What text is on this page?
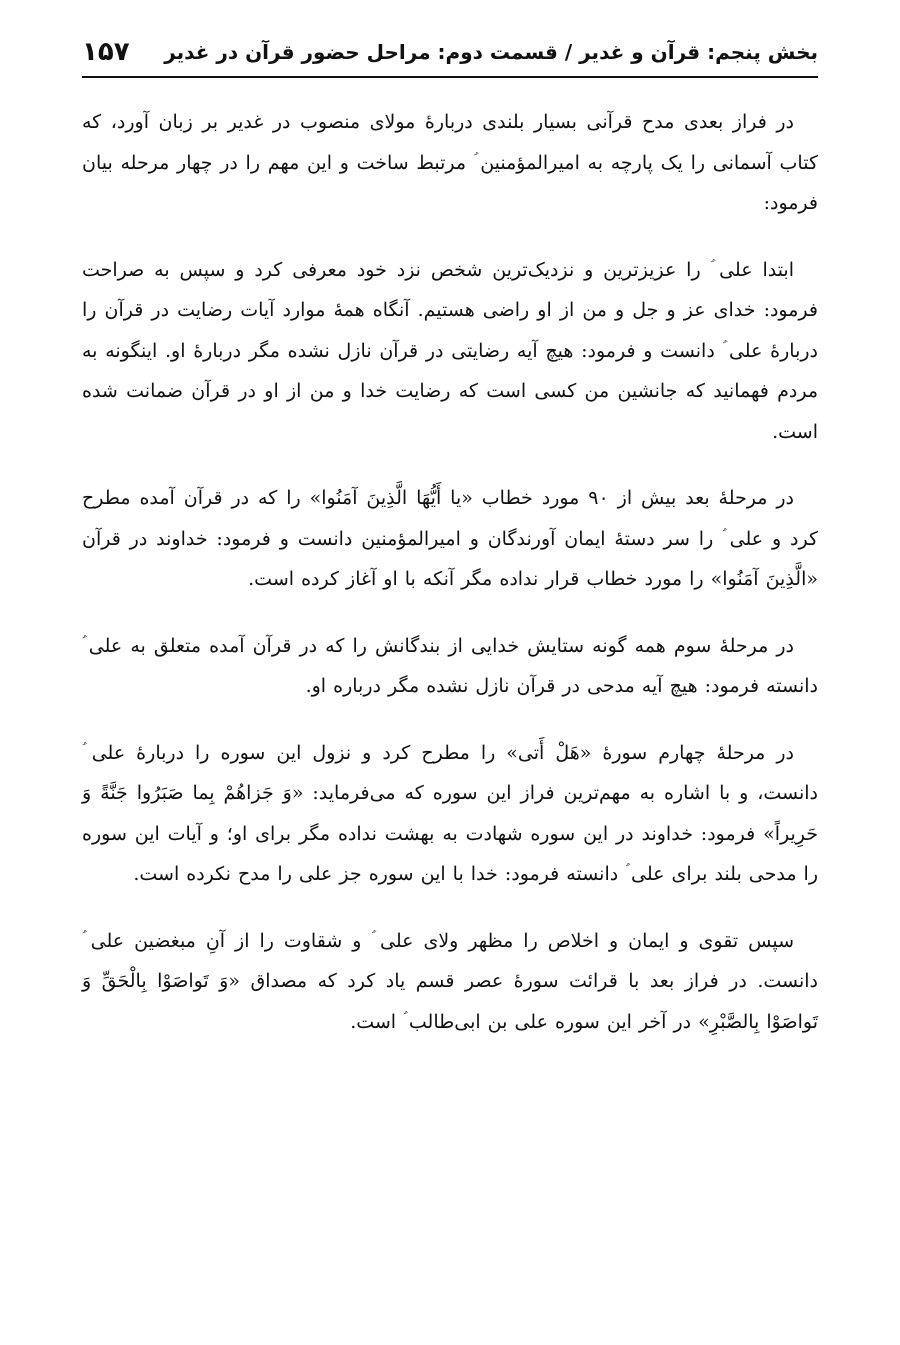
بخش پنجم: قرآن و غدیر / قسمت دوم: مراحل حضور قرآن در غدیر
۱۵۷

در فراز بعدی مدح قرآنی بسیار بلندی دربارۀ مولای منصوب در غدیر بر زبان آورد، که کتاب آسمانی را یک پارچه به امیرالمؤمنین ؑ مرتبط ساخت و این مهم را در چهار مرحله بیان فرمود:

ابتدا علی ؑ را عزیزترین و نزدیک‌ترین شخص نزد خود معرفی کرد و سپس به صراحت فرمود: خدای عز و جل و من از او راضی هستیم. آنگاه همۀ موارد آیات رضایت در قرآن را دربارۀ علی ؑ دانست و فرمود: هیچ آیه رضایتی در قرآن نازل نشده مگر دربارۀ او. اینگونه به مردم فهمانید که جانشین من کسی است که رضایت خدا و من از او در قرآن ضمانت شده است.

در مرحلۀ بعد بیش از ۹۰ مورد خطاب «یا أَیُّهَا الَّذِینَ آمَنُوا» را که در قرآن آمده مطرح کرد و علی ؑ را سر دستۀ ایمان آورندگان و امیرالمؤمنین دانست و فرمود: خداوند در قرآن «الَّذِینَ آمَنُوا» را مورد خطاب قرار نداده مگر آنکه با او آغاز کرده است.

در مرحلۀ سوم همه گونه ستایش خدایی از بندگانش را که در قرآن آمده متعلق به علی ؑ دانسته فرمود: هیچ آیه مدحی در قرآن نازل نشده مگر درباره او.

در مرحلۀ چهارم سورۀ «هَلْ أَتی» را مطرح کرد و نزول این سوره را دربارۀ علی ؑ دانست، و با اشاره به مهم‌ترین فراز این سوره که می‌فرماید: «وَ جَزاهُمْ بِما صَبَرُوا جَنَّةً وَ حَرِیراً» فرمود: خداوند در این سوره شهادت به بهشت نداده مگر برای او؛ و آیات این سوره را مدحی بلند برای علی ؑ دانسته فرمود: خدا با این سوره جز علی را مدح نکرده است.

سپس تقوی و ایمان و اخلاص را مظهر ولای علی ؑ و شقاوت را از آنِ مبغضین علی ؑ دانست. در فراز بعد با قرائت سورۀ عصر قسم یاد کرد که مصداق «وَ تَواصَوْا بِالْحَقِّ وَ تَواصَوْا بِالصَّبْرِ» در آخر این سوره علی بن ابی‌طالب ؑ است.
